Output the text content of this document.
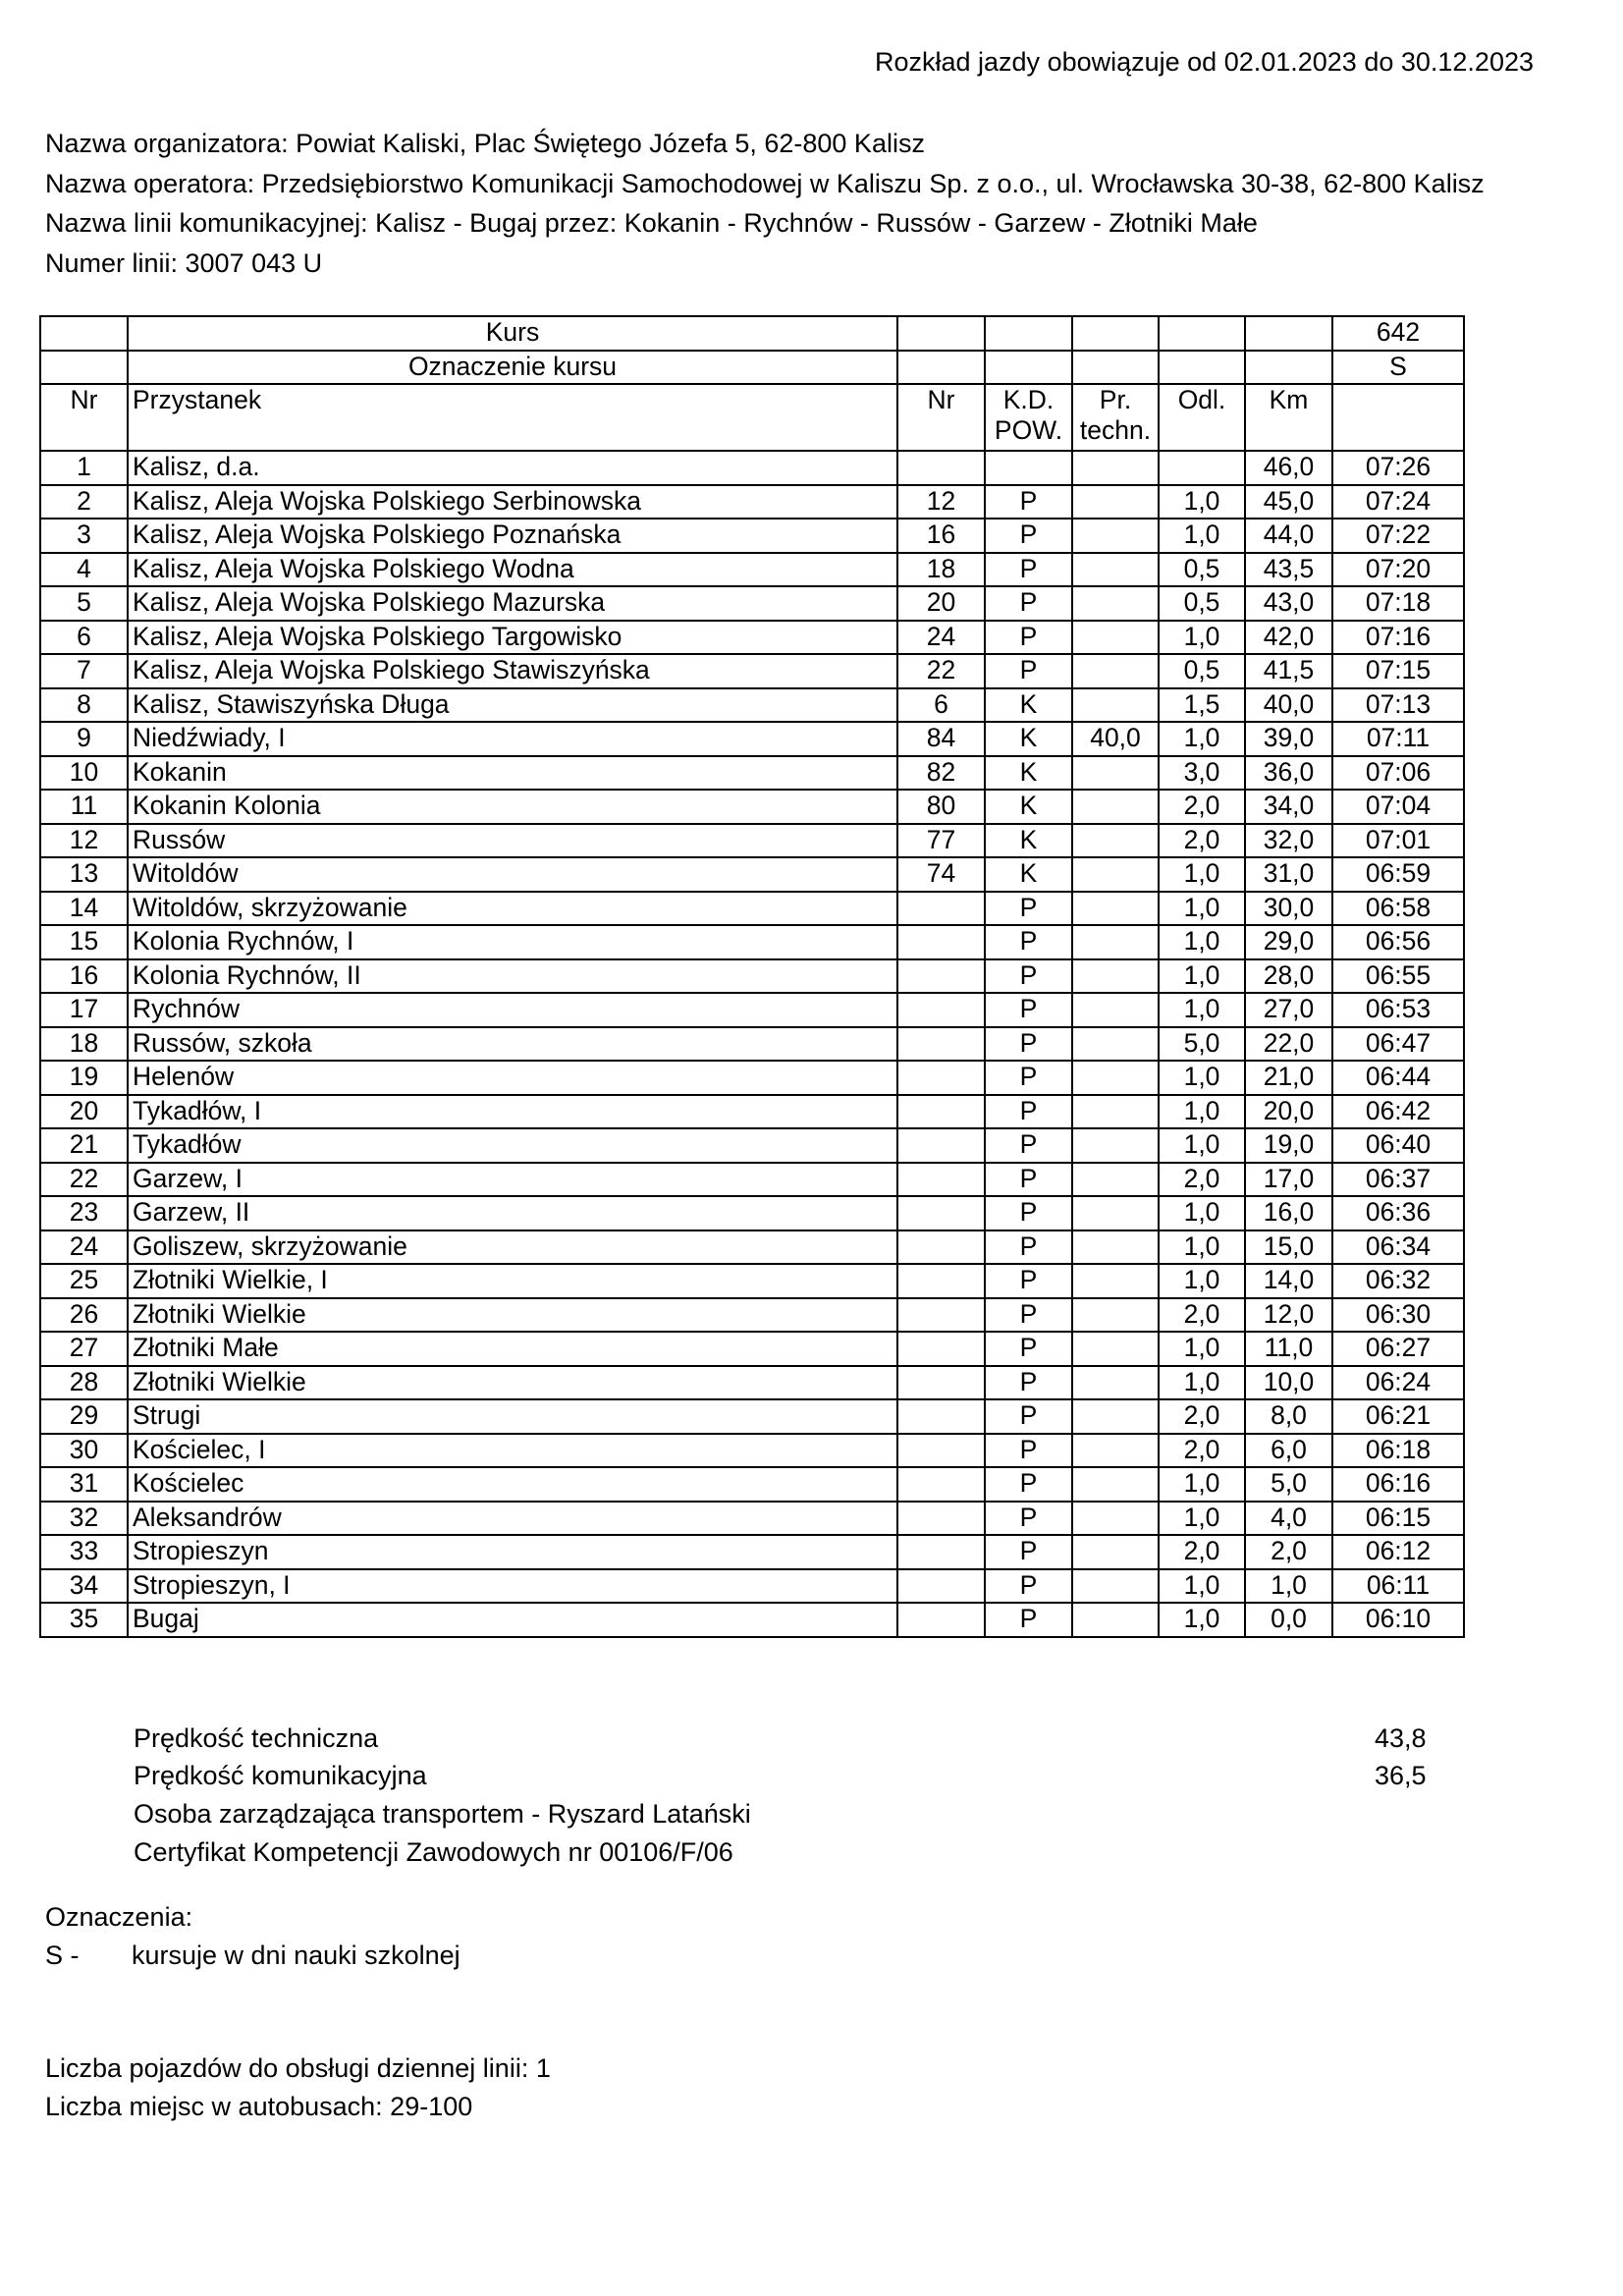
Rozkład jazdy obowiązuje od 02.01.2023 do 30.12.2023
Nazwa organizatora: Powiat Kaliski, Plac Świętego Józefa 5, 62-800 Kalisz
Nazwa operatora: Przedsiębiorstwo Komunikacji Samochodowej w Kaliszu Sp. z o.o., ul. Wrocławska 30-38, 62-800 Kalisz
Nazwa linii komunikacyjnej: Kalisz - Bugaj przez: Kokanin - Rychnów - Russów - Garzew - Złotniki Małe
Numer linii: 3007 043 U
	Kurs						642
	Oznaczenie kursu						S
Nr	Przystanek	Nr	K.D. POW.	Pr. techn.	Odl.	Km	
1	Kalisz, d.a.					46,0	07:26
2	Kalisz, Aleja Wojska Polskiego Serbinowska	12	P		1,0	45,0	07:24
3	Kalisz, Aleja Wojska Polskiego Poznańska	16	P		1,0	44,0	07:22
4	Kalisz, Aleja Wojska Polskiego Wodna	18	P		0,5	43,5	07:20
5	Kalisz, Aleja Wojska Polskiego Mazurska	20	P		0,5	43,0	07:18
6	Kalisz, Aleja Wojska Polskiego Targowisko	24	P		1,0	42,0	07:16
7	Kalisz, Aleja Wojska Polskiego Stawiszyńska	22	P		0,5	41,5	07:15
8	Kalisz, Stawiszyńska Długa	6	K		1,5	40,0	07:13
9	Niedźwiady, I	84	K	40,0	1,0	39,0	07:11
10	Kokanin	82	K		3,0	36,0	07:06
11	Kokanin Kolonia	80	K		2,0	34,0	07:04
12	Russów	77	K		2,0	32,0	07:01
13	Witoldów	74	K		1,0	31,0	06:59
14	Witoldów, skrzyżowanie		P		1,0	30,0	06:58
15	Kolonia Rychnów, I		P		1,0	29,0	06:56
16	Kolonia Rychnów, II		P		1,0	28,0	06:55
17	Rychnów		P		1,0	27,0	06:53
18	Russów, szkoła		P		5,0	22,0	06:47
19	Helenów		P		1,0	21,0	06:44
20	Tykadłów, I		P		1,0	20,0	06:42
21	Tykadłów		P		1,0	19,0	06:40
22	Garzew, I		P		2,0	17,0	06:37
23	Garzew, II		P		1,0	16,0	06:36
24	Goliszew, skrzyżowanie		P		1,0	15,0	06:34
25	Złotniki Wielkie, I		P		1,0	14,0	06:32
26	Złotniki Wielkie		P		2,0	12,0	06:30
27	Złotniki Małe		P		1,0	11,0	06:27
28	Złotniki Wielkie		P		1,0	10,0	06:24
29	Strugi		P		2,0	8,0	06:21
30	Kościelec, I		P		2,0	6,0	06:18
31	Kościelec		P		1,0	5,0	06:16
32	Aleksandrów		P		1,0	4,0	06:15
33	Stropieszyn		P		2,0	2,0	06:12
34	Stropieszyn, I		P		1,0	1,0	06:11
35	Bugaj		P		1,0	0,0	06:10
Prędkość techniczna	43,8
Prędkość komunikacyjna	36,5
Osoba zarządzająca transportem - Ryszard Latański
Certyfikat Kompetencji Zawodowych nr 00106/F/06
Oznaczenia:
S - kursuje w dni nauki szkolnej
Liczba pojazdów do obsługi dziennej linii: 1
Liczba miejsc w autobusach: 29-100
